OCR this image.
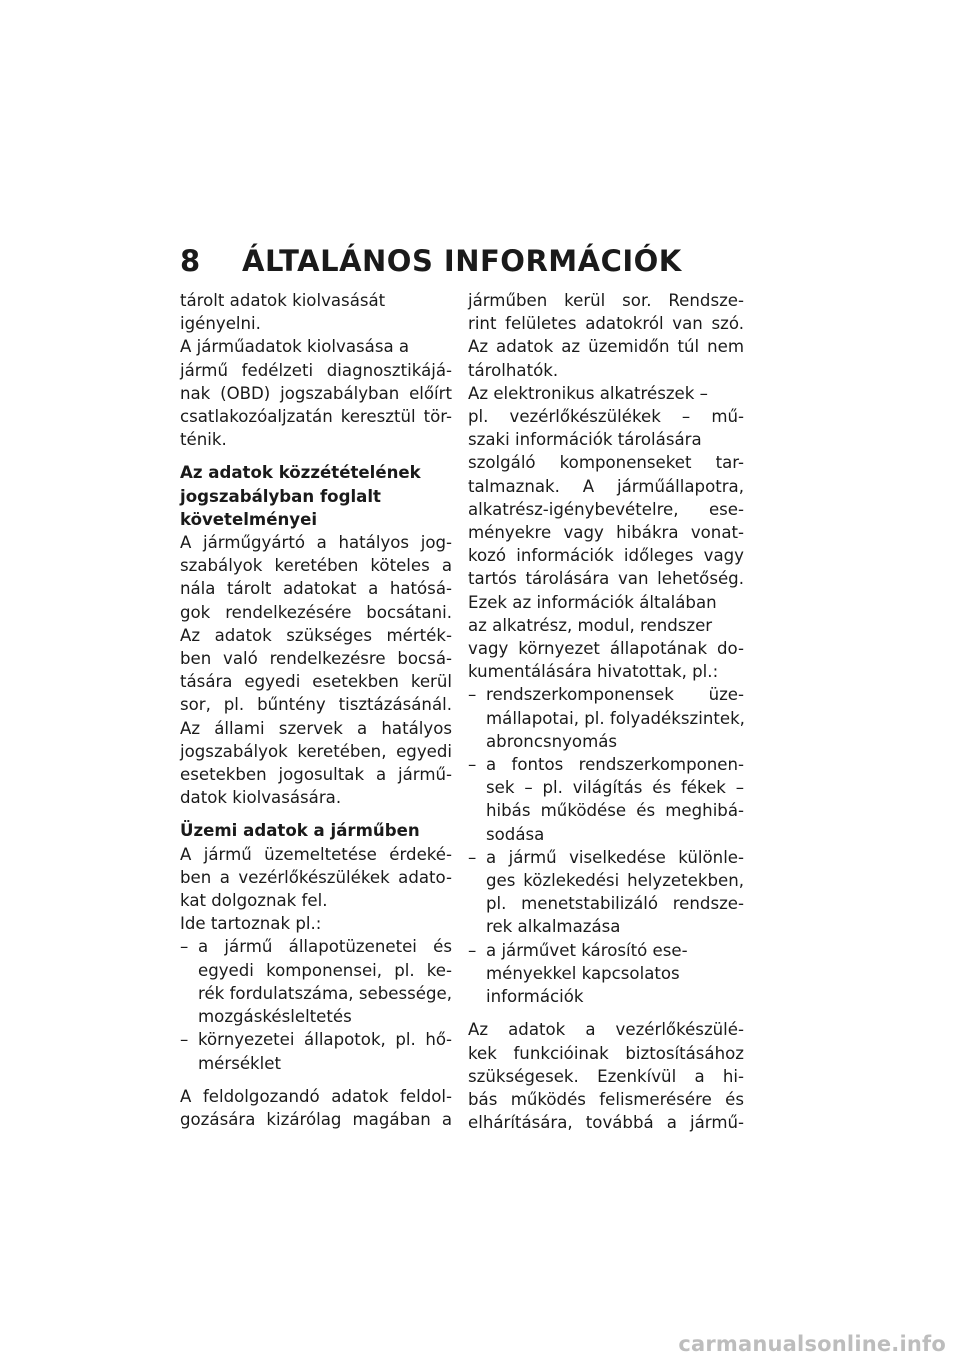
8 ÁLTALÁNOS INFORMÁCIÓK
tárolt adatok kiolvasását
igényelni.
A járműadatok kiolvasása a
jármű fedélzeti diagnosztikájá-
nak (OBD) jogszabályban előírt
csatlakozóaljzatán keresztül tör-
ténik.
Az adatok közzétételének
jogszabályban foglalt
követelményei
A járműgyártó a hatályos jog-
szabályok keretében köteles a
nála tárolt adatokat a hatósá-
gok rendelkezésére bocsátani.
Az adatok szükséges mérték-
ben való rendelkezésre bocsá-
tására egyedi esetekben kerül
sor, pl. bűntény tisztázásánál.
Az állami szervek a hatályos
jogszabályok keretében, egyedi
esetekben jogosultak a jármű-
datok kiolvasására.
Üzemi adatok a járműben
A jármű üzemeltetése érdeké-
ben a vezérlőkészülékek adato-
kat dolgoznak fel.
Ide tartoznak pl.:
– a jármű állapotüzenetei és
egyedi komponensei, pl. ke-
rék fordulatszáma, sebessége,
mozgáskésleltetés
– környezetei állapotok, pl. hő-
mérséklet
A feldolgozandó adatok feldol-
gozására kizárólag magában a
járműben kerül sor. Rendsze-
rint felületes adatokról van szó.
Az adatok az üzemidőn túl nem
tárolhatók.
Az elektronikus alkatrészek –
pl. vezérlőkészülékek – mű-
szaki információk tárolására
szolgáló komponenseket tar-
talmaznak. A járműállapotra,
alkatrész-igénybevételre, ese-
ményekre vagy hibákra vonat-
kozó információk időleges vagy
tartós tárolására van lehetőség.
Ezek az információk általában
az alkatrész, modul, rendszer
vagy környezet állapotának do-
kumentálására hivatottak, pl.:
– rendszerkomponensek üze-
mállapotai, pl. folyadékszintek,
abroncsnyomás
– a fontos rendszerkomponen-
sek – pl. világítás és fékek –
hibás működése és meghibá-
sodása
– a jármű viselkedése különle-
ges közlekedési helyzetekben,
pl. menetstabilizáló rendsze-
rek alkalmazása
– a járművet károsító ese-
ményekkel kapcsolatos
információk
Az adatok a vezérlőkészülé-
kek funkcióinak biztosításához
szükségesek. Ezenkívül a hi-
bás működés felismerésére és
elhárítására, továbbá a jármű-
carmanualsonline.info
